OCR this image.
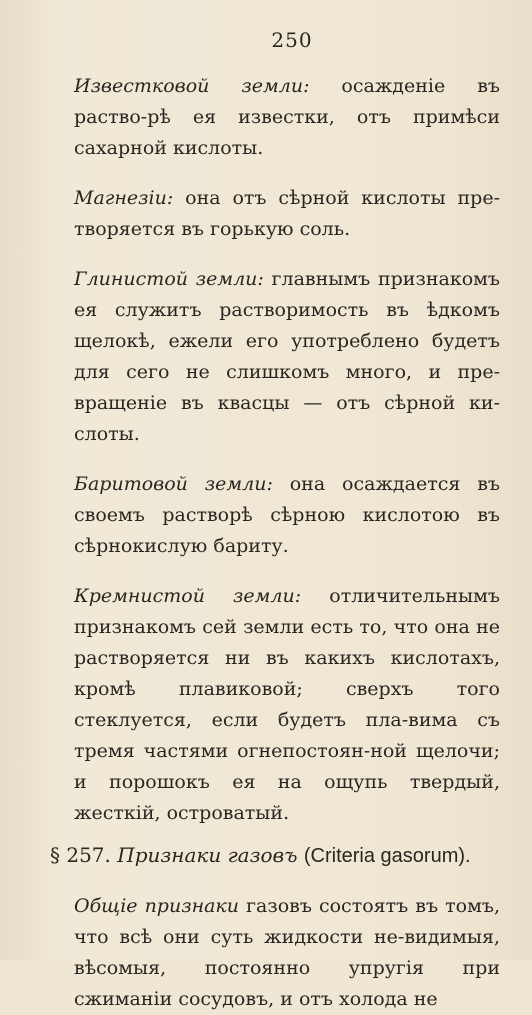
250

Известковой земли: осажденіе въ раство-рѣ ея известки, отъ примѣси сахарной кислоты.

Магнезіи: она отъ сѣрной кислоты пре-творяется въ горькую соль.

Глинистой земли: главнымъ признакомъ ея служитъ растворимость въ ѣдкомъ щелокѣ, ежели его употреблено будетъ для сего не слишкомъ много, и пре-вращеніе въ квасцы — отъ сѣрной ки-слоты.

Баритовой земли: она осаждается въ своемъ растворѣ сѣрною кислотою въ сѣрнокислую бариту.

Кремнистой земли: отличительнымъ признакомъ сей земли есть то, что она не растворяется ни въ какихъ кислотахъ, кромѣ плавиковой; сверхъ того стеклуется, если будетъ пла-вима съ тремя частями огнепостоян-ной щелочи; и порошокъ ея на ощупь твердый, жесткій, островатый.

§ 257. Признаки газовъ (Criteria gasorum).

Общіе признаки газовъ состоятъ въ томъ, что всѣ они суть жидкости не-видимыя, вѣсомыя, постоянно упругія при сжиманіи сосудовъ, и отъ холода не
